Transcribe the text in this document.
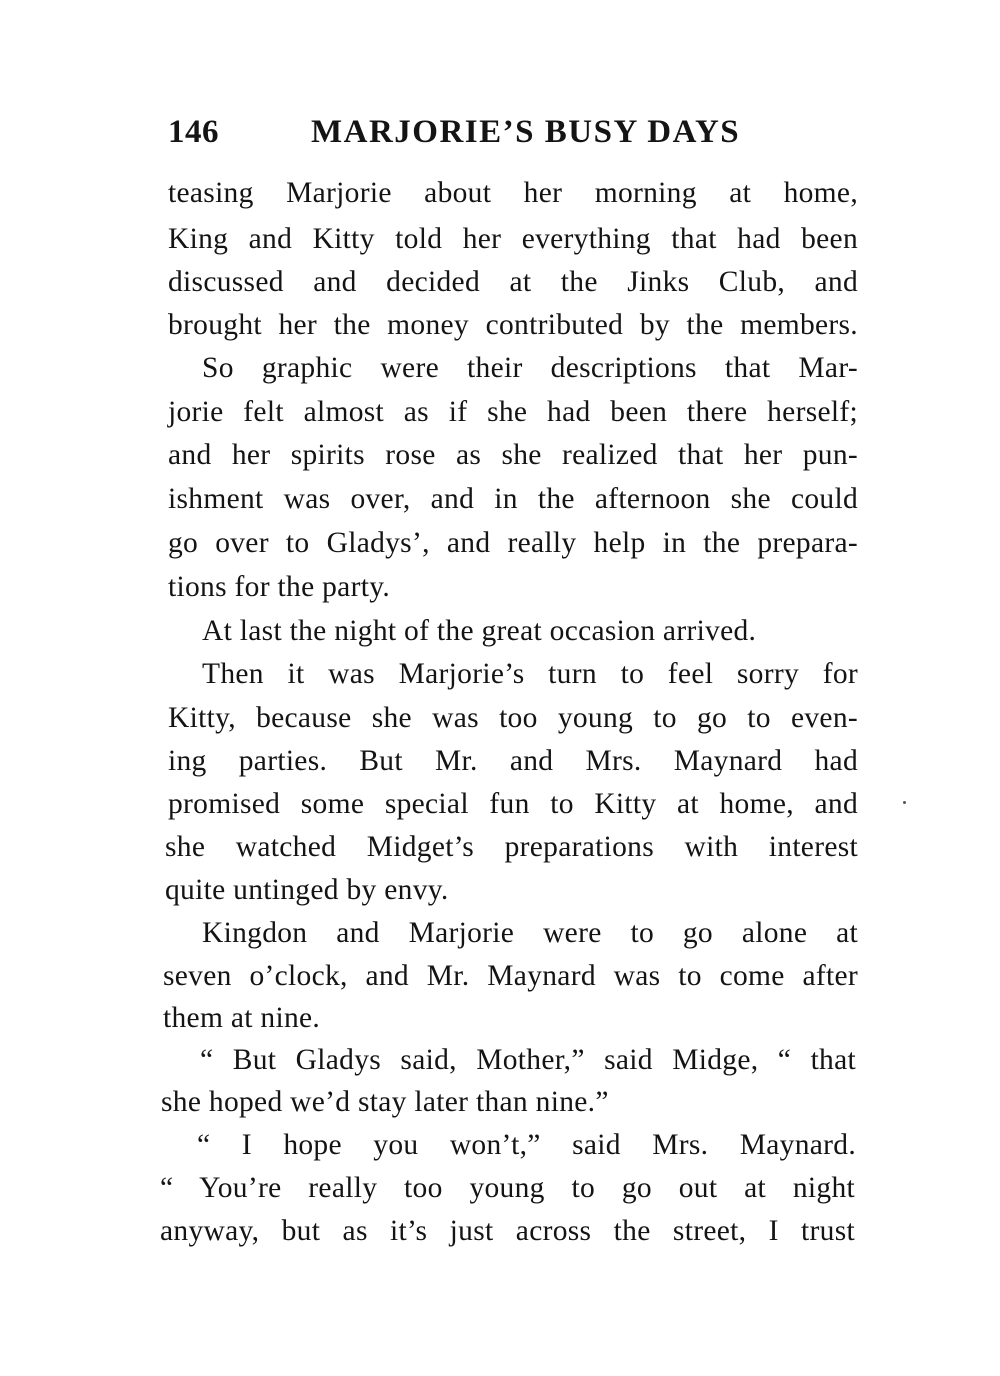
146	MARJORIE’S BUSY DAYS
teasing Marjorie about her morning at home,
King and Kitty told her everything that had been
discussed and decided at the Jinks Club, and
brought her the money contributed by the members.
So graphic were their descriptions that Mar-
jorie felt almost as if she had been there herself;
and her spirits rose as she realized that her pun-
ishment was over, and in the afternoon she could
go over to Gladys’, and really help in the prepara-
tions for the party.
At last the night of the great occasion arrived.
Then it was Marjorie’s turn to feel sorry for
Kitty, because she was too young to go to even-
ing parties. But Mr. and Mrs. Maynard had
promised some special fun to Kitty at home, and
she watched Midget’s preparations with interest
quite untinged by envy.
Kingdon and Marjorie were to go alone at
seven o’clock, and Mr. Maynard was to come after
them at nine.
“ But Gladys said, Mother,” said Midge, “ that
she hoped we’d stay later than nine.”
“ I hope you won’t,” said Mrs. Maynard.
“ You’re really too young to go out at night
anyway, but as it’s just across the street, I trust
